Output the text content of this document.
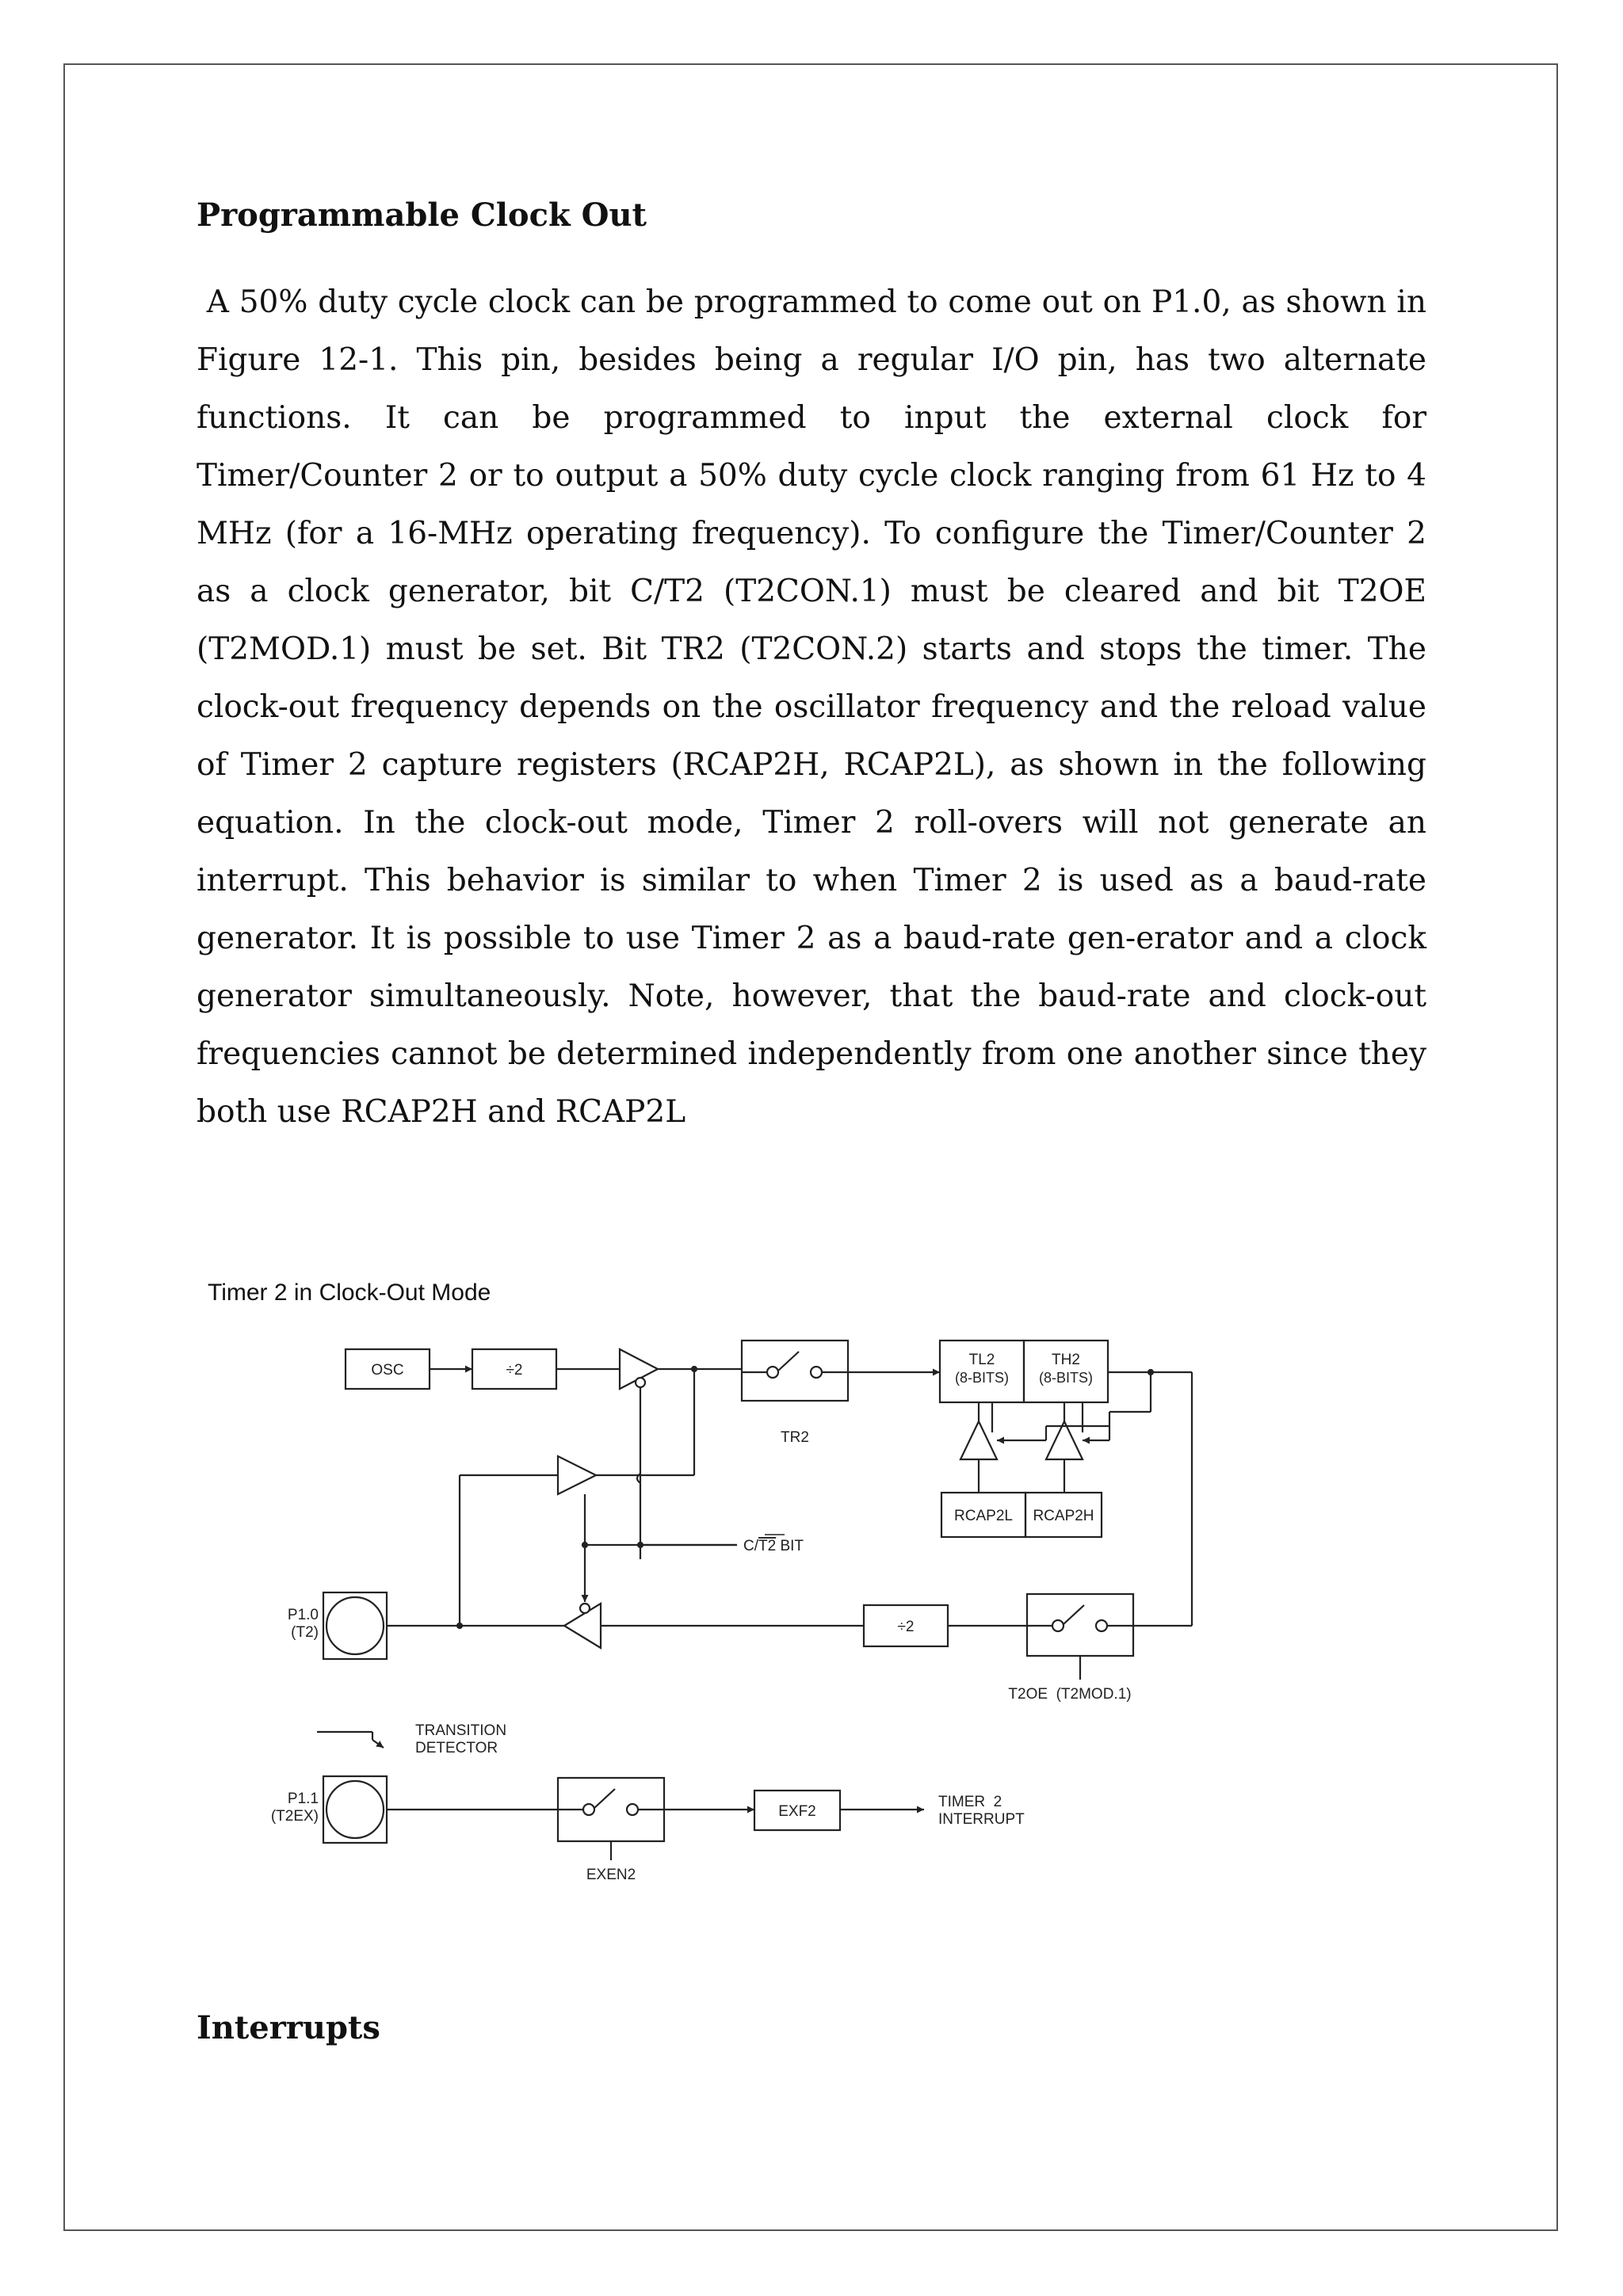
Programmable Clock Out

A 50% duty cycle clock can be programmed to come out on P1.0, as shown in Figure 12-1. This pin, besides being a regular I/O pin, has two alternate functions. It can be programmed to input the external clock for Timer/Counter 2 or to output a 50% duty cycle clock ranging from 61 Hz to 4 MHz (for a 16-MHz operating frequency). To configure the Timer/Counter 2 as a clock generator, bit C/T2 (T2CON.1) must be cleared and bit T2OE (T2MOD.1) must be set. Bit TR2 (T2CON.2) starts and stops the timer. The clock-out frequency depends on the oscillator frequency and the reload value of Timer 2 capture registers (RCAP2H, RCAP2L), as shown in the following equation. In the clock-out mode, Timer 2 roll-overs will not generate an interrupt. This behavior is similar to when Timer 2 is used as a baud-rate generator. It is possible to use Timer 2 as a baud-rate gen-erator and a clock generator simultaneously. Note, however, that the baud-rate and clock-out frequencies cannot be determined independently from one another since they both use RCAP2H and RCAP2L

Timer 2 in Clock-Out Mode
OSC	÷2
TR2
TL2
(8-BITS)
TH2
(8-BITS)
RCAP2L RCAP2H
C/T2 BIT
P1.0
(T2)	÷2
T2OE  (T2MOD.1)
TRANSITION
DETECTOR
P1.1
(T2EX)	EXF2
EXEN2
TIMER  2
INTERRUPT
Interrupts
